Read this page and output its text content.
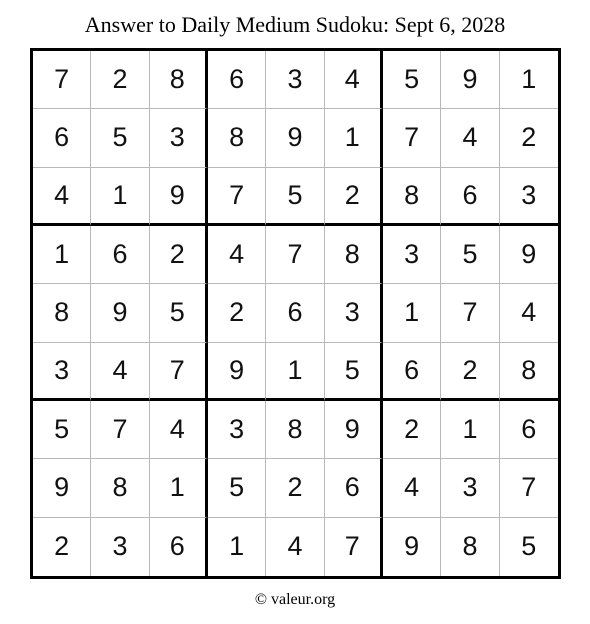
Answer to Daily Medium Sudoku: Sept 6, 2028
7	2	8	6	3	4	5	9	1
6	5	3	8	9	1	7	4	2
4	1	9	7	5	2	8	6	3
1	6	2	4	7	8	3	5	9
8	9	5	2	6	3	1	7	4
3	4	7	9	1	5	6	2	8
5	7	4	3	8	9	2	1	6
9	8	1	5	2	6	4	3	7
2	3	6	1	4	7	9	8	5
© valeur.org
